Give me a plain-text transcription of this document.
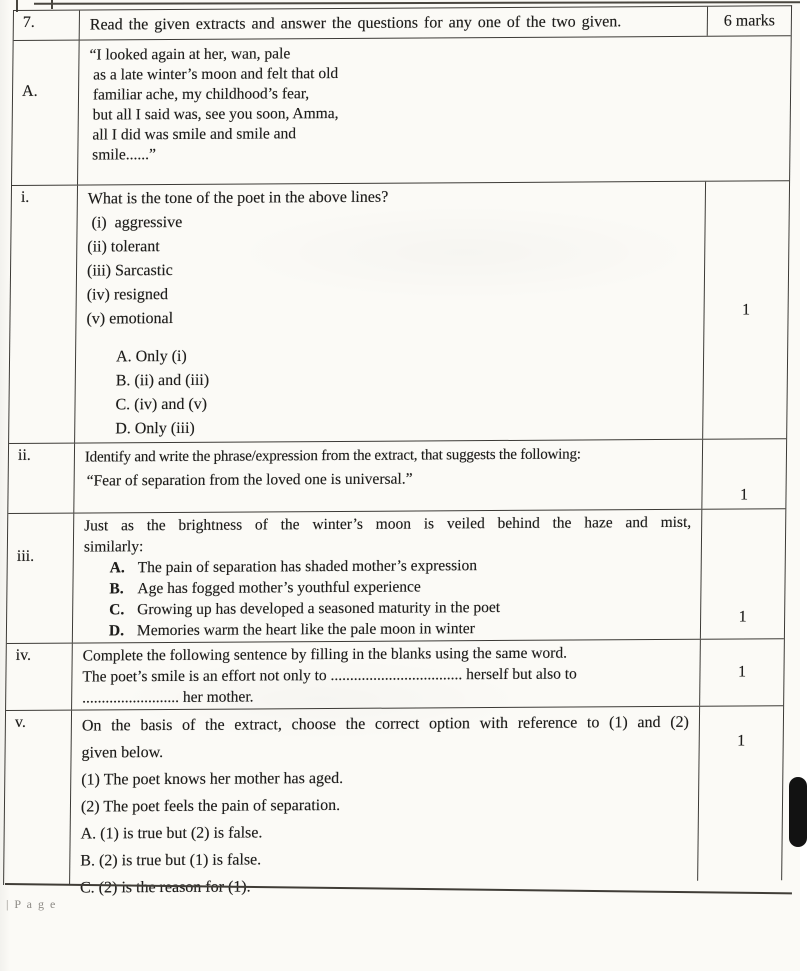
7.	Read the given extracts and answer the questions for any one of the two given.	6 marks
A.
“I looked again at her, wan, pale
as a late winter’s moon and felt that old
familiar ache, my childhood’s fear,
but all I said was, see you soon, Amma,
all I did was smile and smile and
smile......”
i.	What is the tone of the poet in the above lines?
(i)  aggressive
(ii) tolerant
(iii) Sarcastic
(iv) resigned
(v) emotional
A. Only (i)
B. (ii) and (iii)
C. (iv) and (v)
D. Only (iii)
1
ii.	Identify and write the phrase/expression from the extract, that suggests the following:
“Fear of separation from the loved one is universal.”
1
iii.
Just as the brightness of the winter’s moon is veiled behind the haze and mist,
similarly:
A. The pain of separation has shaded mother’s expression
B. Age has fogged mother’s youthful experience
C. Growing up has developed a seasoned maturity in the poet
D. Memories warm the heart like the pale moon in winter
1
iv.	Complete the following sentence by filling in the blanks using the same word.
The poet’s smile is an effort not only to .................................. herself but also to
......................... her mother.
1
v.	On the basis of the extract, choose the correct option with reference to (1) and (2)
given below.
(1) The poet knows her mother has aged.
(2) The poet feels the pain of separation.
A. (1) is true but (2) is false.
B. (2) is true but (1) is false.
C. (2) is the reason for (1).
1
| P a g e
